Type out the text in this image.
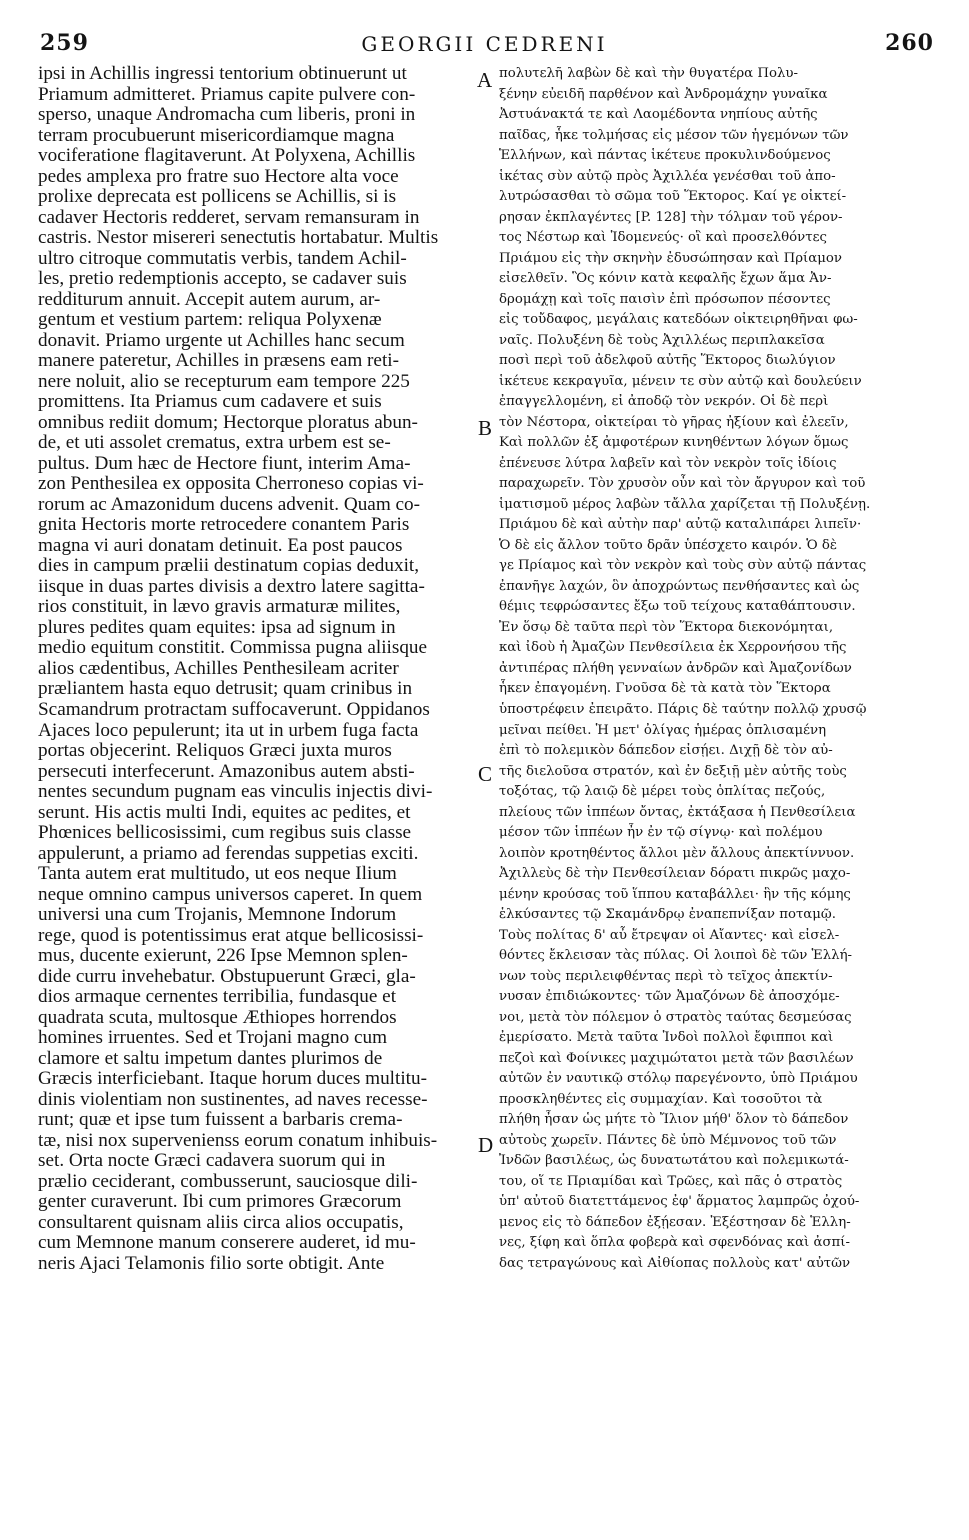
259	GEORGII CEDRENI	260
ipsi in Achillis ingressi tentorium obtinuerunt ut
Priamum admitteret. Priamus capite pulvere con-
sperso, unaque Andromacha cum liberis, proni in
terram procubuerunt misericordiamque magna
vociferatione flagitaverunt. At Polyxena, Achillis
pedes amplexa pro fratre suo Hectore alta voce
prolixe deprecata est pollicens se Achillis, si is
cadaver Hectoris redderet, servam remansuram in
castris. Nestor misereri senectutis hortabatur. Multis
ultro citroque commutatis verbis, tandem Achil-
les, pretio redemptionis accepto, se cadaver suis
redditurum annuit. Accepit autem aurum, ar-
gentum et vestium partem: reliqua Polyxenæ
donavit. Priamo urgente ut Achilles hanc secum
manere pateretur, Achilles in præsens eam reti-
nere noluit, alio se recepturum eam tempore 225
promittens. Ita Priamus cum cadavere et suis
omnibus rediit domum; Hectorque ploratus abun-
de, et uti assolet crematus, extra urbem est se-
pultus. Dum hæc de Hectore fiunt, interim Ama-
zon Penthesilea ex opposita Cherroneso copias vi-
rorum ac Amazonidum ducens advenit. Quam co-
gnita Hectoris morte retrocedere conantem Paris
magna vi auri donatam detinuit. Ea post paucos
dies in campum prælii destinatum copias deduxit,
iisque in duas partes divisis a dextro latere sagitta-
rios constituit, in lævo gravis armaturæ milites,
plures pedites quam equites: ipsa ad signum in
medio equitum constitit. Commissa pugna aliisque
alios cædentibus, Achilles Penthesileam acriter
præliantem hasta equo detrusit; quam crinibus in
Scamandrum protractam suffocaverunt. Oppidanos
Ajaces loco pepulerunt; ita ut in urbem fuga facta
portas objecerint. Reliquos Græci juxta muros
persecuti interfecerunt. Amazonibus autem absti-
nentes secundum pugnam eas vinculis injectis divi-
serunt. His actis multi Indi, equites ac pedites, et
Phœnices bellicosissimi, cum regibus suis classe
appulerunt, a priamo ad ferendas suppetias exciti.
Tanta autem erat multitudo, ut eos neque Ilium
neque omnino campus universos caperet. In quem
universi una cum Trojanis, Memnone Indorum
rege, quod is potentissimus erat atque bellicosissi-
mus, ducente exierunt, 226 Ipse Memnon splen-
dide curru invehebatur. Obstupuerunt Græci, gla-
dios armaque cernentes terribilia, fundasque et
quadrata scuta, multosque Æthiopes horrendos
homines irruentes. Sed et Trojani magno cum
clamore et saltu impetum dantes plurimos de
Græcis interficiebant. Itaque horum duces multitu-
dinis violentiam non sustinentes, ad naves recesse-
runt; quæ et ipse tum fuissent a barbaris crema-
tæ, nisi nox supervenienss eorum conatum inhibuis-
set. Orta nocte Græci cadavera suorum qui in
prælio ceciderant, combusserunt, sauciosque dili-
genter curaverunt. Ibi cum primores Græcorum
consultarent quisnam aliis circa alios occupatis,
cum Memnone manum conserere auderet, id mu-
neris Ajaci Telamonis filio sorte obtigit. Ante
πολυτελῆ λαβὼν δὲ καὶ τὴν θυγατέρα Πολυ-
ξένην εὐειδῆ παρθένον καὶ Ἀνδρομάχην γυναῖκα
Ἀστυάνακτά τε καὶ Λαομέδοντα νηπίους αὐτῆς
παῖδας, ἧκε τολμήσας εἰς μέσον τῶν ἡγεμόνων τῶν
Ἑλλήνων, καὶ πάντας ἱκέτευε προκυλινδούμενος
ἱκέτας σὺν αὐτῷ πρὸς Ἀχιλλέα γενέσθαι τοῦ ἀπο-
λυτρώσασθαι τὸ σῶμα τοῦ Ἕκτορος. Καί γε οἰκτεί-
ρησαν ἐκπλαγέντες [P. 128] τὴν τόλμαν τοῦ γέρον-
τος Νέστωρ καὶ Ἰδομενεύς· οἳ καὶ προσελθόντες
Πριάμου εἰς τὴν σκηνὴν ἐδυσώπησαν καὶ Πρίαμον
εἰσελθεῖν. Ὃς κόνιν κατὰ κεφαλῆς ἔχων ἅμα Ἀν-
δρομάχῃ καὶ τοῖς παισὶν ἐπὶ πρόσωπον πέσοντες
εἰς τοὔδαφος, μεγάλαις κατεδόων οἰκτειρηθῆναι φω-
ναῖς. Πολυξένη δὲ τοὺς Ἀχιλλέως περιπλακεῖσα
ποσὶ περὶ τοῦ ἀδελφοῦ αὐτῆς Ἕκτορος διωλύγιον
ἱκέτευε κεκραγυῖα, μένειν τε σὺν αὐτῷ καὶ δουλεύειν
ἐπαγγελλομένη, εἰ ἀποδῷ τὸν νεκρόν. Οἱ δὲ περὶ
τὸν Νέστορα, οἰκτείραι τὸ γῆρας ἠξίουν καὶ ἐλεεῖν,
Καὶ πολλῶν ἐξ ἀμφοτέρων κινηθέντων λόγων ὅμως
ἐπένευσε λύτρα λαβεῖν καὶ τὸν νεκρὸν τοῖς ἰδίοις
παραχωρεῖν. Τὸν χρυσὸν οὖν καὶ τὸν ἄργυρον καὶ τοῦ
ἱματισμοῦ μέρος λαβὼν τἄλλα χαρίζεται τῇ Πολυξένῃ.
Πριάμου δὲ καὶ αὐτὴν παρ' αὐτῷ καταλιπάρει λιπεῖν·
Ὁ δὲ εἰς ἄλλον τοῦτο δρᾶν ὑπέσχετο καιρόν. Ὁ δὲ
γε Πρίαμος καὶ τὸν νεκρὸν καὶ τοὺς σὺν αὐτῷ πάντας
ἐπανῆγε λαχών, ὃν ἀποχρώντως πενθήσαντες καὶ ὡς
θέμις τεφρώσαντες ἔξω τοῦ τείχους καταθάπτουσιν.
Ἐν ὅσῳ δὲ ταῦτα περὶ τὸν Ἕκτορα διεκονόμηται,
καὶ ἰδοὺ ἡ Ἀμαζὼν Πενθεσίλεια ἐκ Χερρονήσου τῆς
ἀντιπέρας πλήθη γενναίων ἀνδρῶν καὶ Ἀμαζονίδων
ἧκεν ἐπαγομένη. Γνοῦσα δὲ τὰ κατὰ τὸν Ἕκτορα
ὑποστρέφειν ἐπειρᾶτο. Πάρις δὲ ταύτην πολλῷ χρυσῷ
μεῖναι πείθει. Ἡ μετ' ὀλίγας ἡμέρας ὁπλισαμένη
ἐπὶ τὸ πολεμικὸν δάπεδον εἰσῄει. Διχῇ δὲ τὸν αὐ-
τῆς διελοῦσα στρατόν, καὶ ἐν δεξιῇ μὲν αὐτῆς τοὺς
τοξότας, τῷ λαιῷ δὲ μέρει τοὺς ὁπλίτας πεζούς,
πλείους τῶν ἱππέων ὄντας, ἐκτάξασα ἡ Πενθεσίλεια
μέσον τῶν ἱππέων ἦν ἐν τῷ σίγνῳ· καὶ πολέμου
λοιπὸν κροτηθέντος ἄλλοι μὲν ἄλλους ἀπεκτίννυον.
Ἀχιλλεὺς δὲ τὴν Πενθεσίλειαν δόρατι πικρῶς μαχο-
μένην κρούσας τοῦ ἵππου καταβάλλει· ἣν τῆς κόμης
ἑλκύσαντες τῷ Σκαμάνδρῳ ἐναπεπνίξαν ποταμῷ.
Τοὺς πολίτας δ' αὖ ἔτρεψαν οἱ Αἴαντες· καὶ εἰσελ-
θόντες ἔκλεισαν τὰς πύλας. Οἱ λοιποὶ δὲ τῶν Ἑλλή-
νων τοὺς περιλειφθέντας περὶ τὸ τεῖχος ἀπεκτίν-
νυσαν ἐπιδιώκοντες· τῶν Ἀμαζόνων δὲ ἀποσχόμε-
νοι, μετὰ τὸν πόλεμον ὁ στρατὸς ταύτας δεσμεύσας
ἐμερίσατο. Μετὰ ταῦτα Ἰνδοὶ πολλοὶ ἔφιπποι καὶ
πεζοὶ καὶ Φοίνικες μαχιμώτατοι μετὰ τῶν βασιλέων
αὐτῶν ἐν ναυτικῷ στόλῳ παρεγένοντο, ὑπὸ Πριάμου
προσκληθέντες εἰς συμμαχίαν. Καὶ τοσοῦτοι τὰ
πλήθη ἦσαν ὡς μήτε τὸ Ἴλιον μήθ' ὅλον τὸ δάπεδον
αὐτοὺς χωρεῖν. Πάντες δὲ ὑπὸ Μέμνονος τοῦ τῶν
Ἰνδῶν βασιλέως, ὡς δυνατωτάτου καὶ πολεμικωτά-
του, οἵ τε Πριαμίδαι καὶ Τρῶες, καὶ πᾶς ὁ στρατὸς
ὑπ' αὐτοῦ διατεττάμενος ἐφ' ἅρματος λαμπρῶς ὀχού-
μενος εἰς τὸ δάπεδον ἐξῄεσαν. Ἐξέστησαν δὲ Ἑλλη-
νες, ξίφη καὶ ὅπλα φοβερὰ καὶ σφενδόνας καὶ ἀσπί-
δας τετραγώνους καὶ Αἰθίοπας πολλοὺς κατ' αὐτῶν
A
B
C
D
